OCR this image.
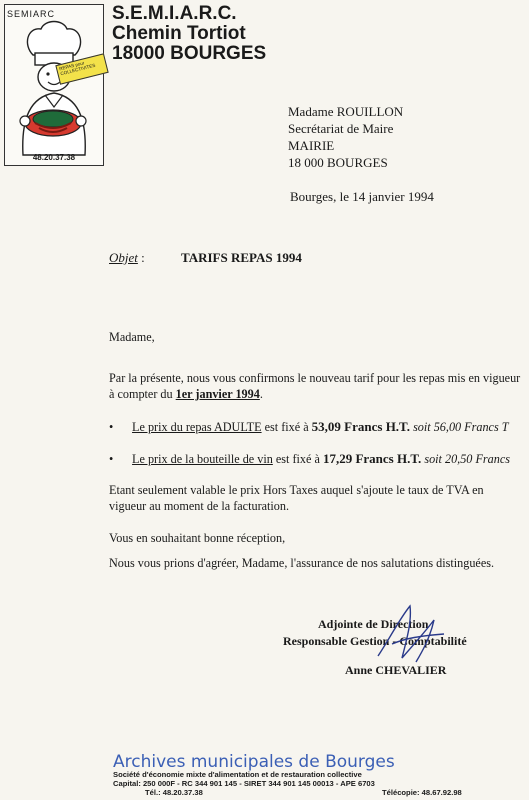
SEMIARC
REPAS pour COLLECTIVITES
48.20.37.38
S.E.M.I.A.R.C.
Chemin Tortiot
18000 BOURGES
Madame ROUILLON
Secrétariat de Maire
MAIRIE
18 000 BOURGES
Bourges, le 14 janvier 1994
Objet :	TARIFS REPAS 1994
Madame,
Par la présente, nous vous confirmons le nouveau tarif pour les repas mis en vigueur à compter du 1er janvier 1994.
• Le prix du repas ADULTE est fixé à 53,09 Francs H.T. soit 56,00 Francs T
• Le prix de la bouteille de vin est fixé à 17,29 Francs H.T. soit 20,50 Francs
Etant seulement valable le prix Hors Taxes auquel s'ajoute le taux de TVA en vigueur au moment de la facturation.
Vous en souhaitant bonne réception,
Nous vous prions d'agréer, Madame, l'assurance de nos salutations distinguées.
Adjointe de Direction
Responsable Gestion - Comptabilité
Anne CHEVALIER
Archives municipales de Bourges
Société d'économie mixte d'alimentation et de restauration collective
Capital: 250 000F - RC 344 901 145 - SIRET 344 901 145 00013 - APE 6703
Tél.: 48.20.37.38	Télécopie: 48.67.92.98
